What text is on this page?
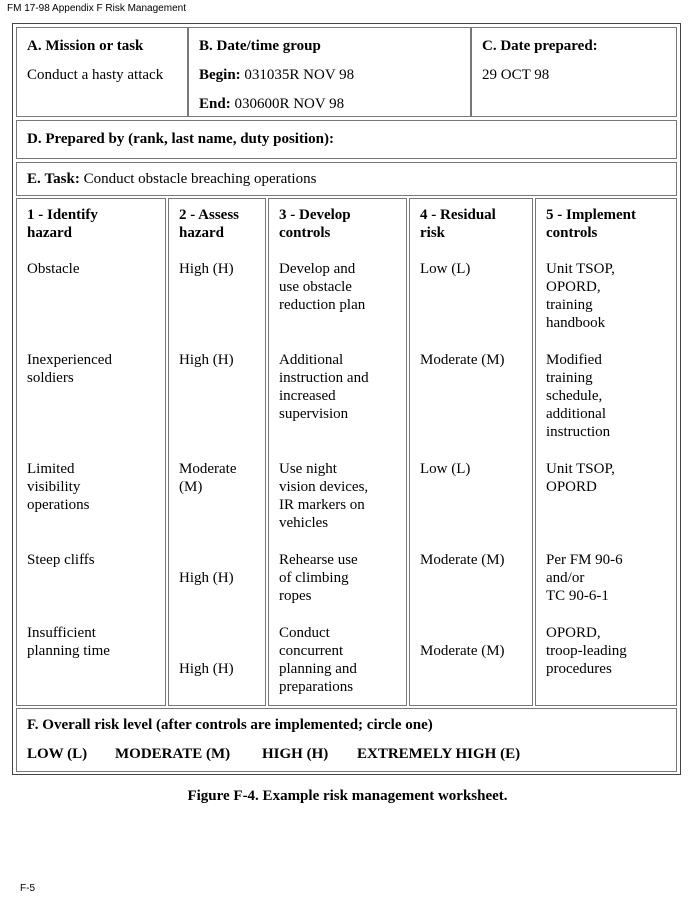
FM 17-98 Appendix F Risk Management
A. Mission or task
Conduct a hasty attack
B. Date/time group
Begin: 031035R NOV 98
End: 030600R NOV 98
C. Date prepared:
29 OCT 98
D. Prepared by (rank, last name, duty position):
E. Task: Conduct obstacle breaching operations
1 - Identify
hazard
Obstacle
Inexperienced
soldiers
Limited
visibility
operations
Steep cliffs
Insufficient
planning time
2 - Assess
hazard
High (H)
High (H)
Moderate
(M)
High (H)
High (H)
3 - Develop
controls
Develop and
use obstacle
reduction plan
Additional
instruction and
increased
supervision
Use night
vision devices,
IR markers on
vehicles
Rehearse use
of climbing
ropes
Conduct
concurrent
planning and
preparations
4 - Residual
risk
Low (L)
Moderate (M)
Low (L)
Moderate (M)
Moderate (M)
5 - Implement
controls
Unit TSOP,
OPORD,
training
handbook
Modified
training
schedule,
additional
instruction
Unit TSOP,
OPORD
Per FM 90-6
and/or
TC 90-6-1
OPORD,
troop-leading
procedures
F. Overall risk level (after controls are implemented; circle one)
LOW (L) MODERATE (M) HIGH (H) EXTREMELY HIGH (E)
Figure F-4. Example risk management worksheet.
F-5
